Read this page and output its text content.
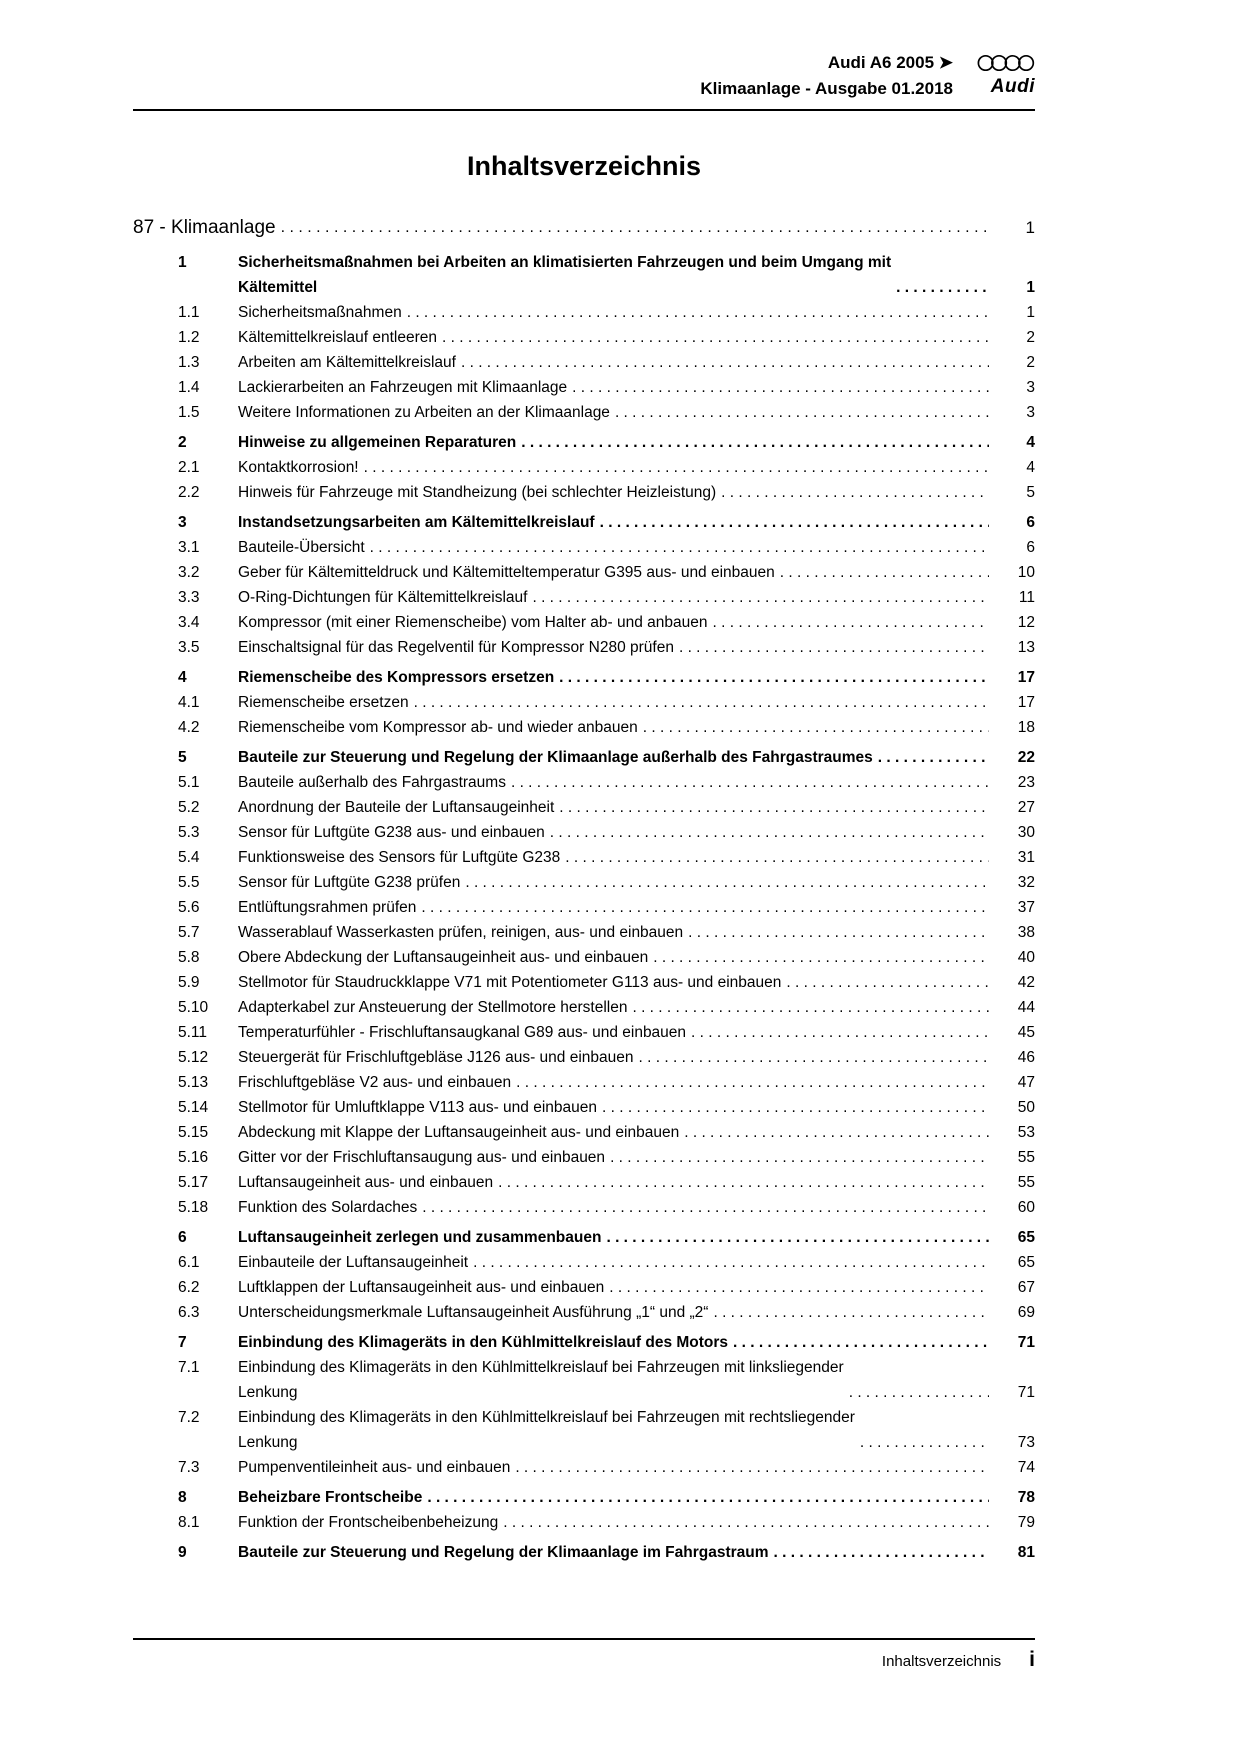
Audi A6 2005 ➤
Klimaanlage - Ausgabe 01.2018 Audi
Inhaltsverzeichnis
87 - Klimaanlage . . .	1
1	Sicherheitsmaßnahmen bei Arbeiten an klimatisierten Fahrzeugen und beim Umgang mit
Kältemittel . . .	1
1.1	Sicherheitsmaßnahmen . . .	1
1.2	Kältemittelkreislauf entleeren . . .	2
1.3	Arbeiten am Kältemittelkreislauf . . .	2
1.4	Lackierarbeiten an Fahrzeugen mit Klimaanlage . . .	3
1.5	Weitere Informationen zu Arbeiten an der Klimaanlage . . .	3
2	Hinweise zu allgemeinen Reparaturen . . .	4
2.1	Kontaktkorrosion! . . .	4
2.2	Hinweis für Fahrzeuge mit Standheizung (bei schlechter Heizleistung) . . .	5
3	Instandsetzungsarbeiten am Kältemittelkreislauf . . .	6
3.1	Bauteile-Übersicht . . .	6
3.2	Geber für Kältemitteldruck und Kältemitteltemperatur G395 aus- und einbauen . . .	10
3.3	O-Ring-Dichtungen für Kältemittelkreislauf . . .	11
3.4	Kompressor (mit einer Riemenscheibe) vom Halter ab- und anbauen . . .	12
3.5	Einschaltsignal für das Regelventil für Kompressor N280 prüfen . . .	13
4	Riemenscheibe des Kompressors ersetzen . . .	17
4.1	Riemenscheibe ersetzen . . .	17
4.2	Riemenscheibe vom Kompressor ab- und wieder anbauen . . .	18
5	Bauteile zur Steuerung und Regelung der Klimaanlage außerhalb des Fahrgastraumes . . .	22
5.1	Bauteile außerhalb des Fahrgastraums . . .	23
5.2	Anordnung der Bauteile der Luftansaugeinheit . . .	27
5.3	Sensor für Luftgüte G238 aus- und einbauen . . .	30
5.4	Funktionsweise des Sensors für Luftgüte G238 . . .	31
5.5	Sensor für Luftgüte G238 prüfen . . .	32
5.6	Entlüftungsrahmen prüfen . . .	37
5.7	Wasserablauf Wasserkasten prüfen, reinigen, aus- und einbauen . . .	38
5.8	Obere Abdeckung der Luftansaugeinheit aus- und einbauen . . .	40
5.9	Stellmotor für Staudruckklappe V71 mit Potentiometer G113 aus- und einbauen . . .	42
5.10	Adapterkabel zur Ansteuerung der Stellmotore herstellen . . .	44
5.11	Temperaturfühler - Frischluftansaugkanal G89 aus- und einbauen . . .	45
5.12	Steuergerät für Frischluftgebläse J126 aus- und einbauen . . .	46
5.13	Frischluftgebläse V2 aus- und einbauen . . .	47
5.14	Stellmotor für Umluftklappe V113 aus- und einbauen . . .	50
5.15	Abdeckung mit Klappe der Luftansaugeinheit aus- und einbauen . . .	53
5.16	Gitter vor der Frischluftansaugung aus- und einbauen . . .	55
5.17	Luftansaugeinheit aus- und einbauen . . .	55
5.18	Funktion des Solardaches . . .	60
6	Luftansaugeinheit zerlegen und zusammenbauen . . .	65
6.1	Einbauteile der Luftansaugeinheit . . .	65
6.2	Luftklappen der Luftansaugeinheit aus- und einbauen . . .	67
6.3	Unterscheidungsmerkmale Luftansaugeinheit Ausführung „1“ und „2“ . . .	69
7	Einbindung des Klimageräts in den Kühlmittelkreislauf des Motors . . .	71
7.1	Einbindung des Klimageräts in den Kühlmittelkreislauf bei Fahrzeugen mit linksliegender
Lenkung . . .	71
7.2	Einbindung des Klimageräts in den Kühlmittelkreislauf bei Fahrzeugen mit rechtsliegender
Lenkung . . .	73
7.3	Pumpenventileinheit aus- und einbauen . . .	74
8	Beheizbare Frontscheibe . . .	78
8.1	Funktion der Frontscheibenbeheizung . . .	79
9	Bauteile zur Steuerung und Regelung der Klimaanlage im Fahrgastraum . . .	81
Inhaltsverzeichnis i
